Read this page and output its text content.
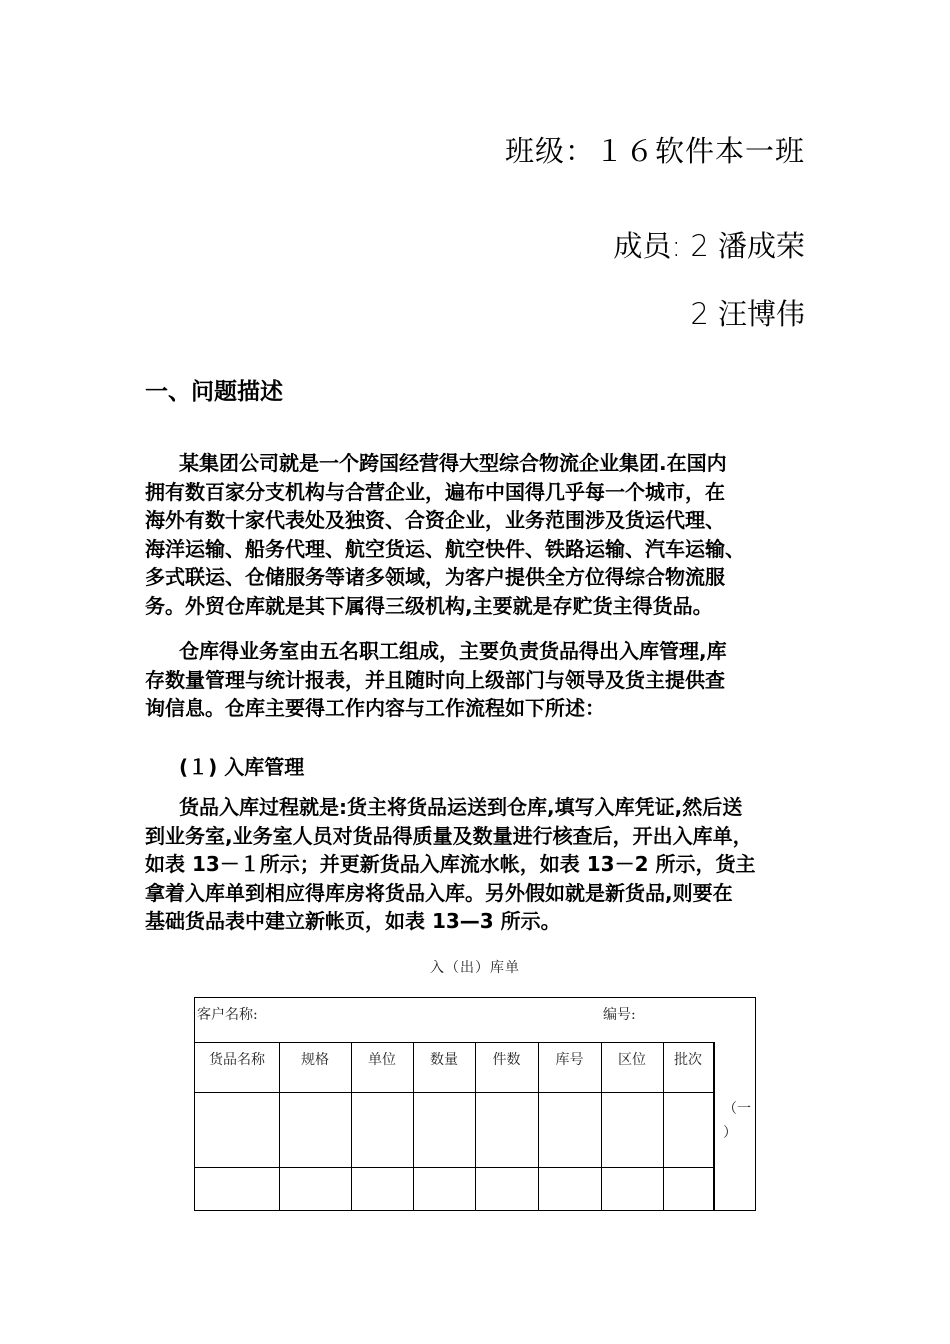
班级：１６软件本一班
成员: 2 潘成荣
2 汪博伟
一、问题描述
某集团公司就是一个跨国经营得大型综合物流企业集团.在国内
拥有数百家分支机构与合营企业，遍布中国得几乎每一个城市，在
海外有数十家代表处及独资、合资企业，业务范围涉及货运代理、
海洋运输、船务代理、航空货运、航空快件、铁路运输、汽车运输、
多式联运、仓储服务等诸多领域，为客户提供全方位得综合物流服
务。外贸仓库就是其下属得三级机构,主要就是存贮货主得货品。
仓库得业务室由五名职工组成，主要负责货品得出入库管理,库
存数量管理与统计报表，并且随时向上级部门与领导及货主提供查
询信息。仓库主要得工作内容与工作流程如下所述：
(１) 入库管理
货品入库过程就是:货主将货品运送到仓库,填写入库凭证,然后送
到业务室,业务室人员对货品得质量及数量进行核查后，开出入库单，
如表 13－１所示；并更新货品入库流水帐，如表 13－2 所示，货主
拿着入库单到相应得库房将货品入库。另外假如就是新货品,则要在
基础货品表中建立新帐页，如表 13—3 所示。
入（出）库单
客户名称:	编号:
货品名称	规格	单位	数量	件数	库号	区位	批次
（一
）
